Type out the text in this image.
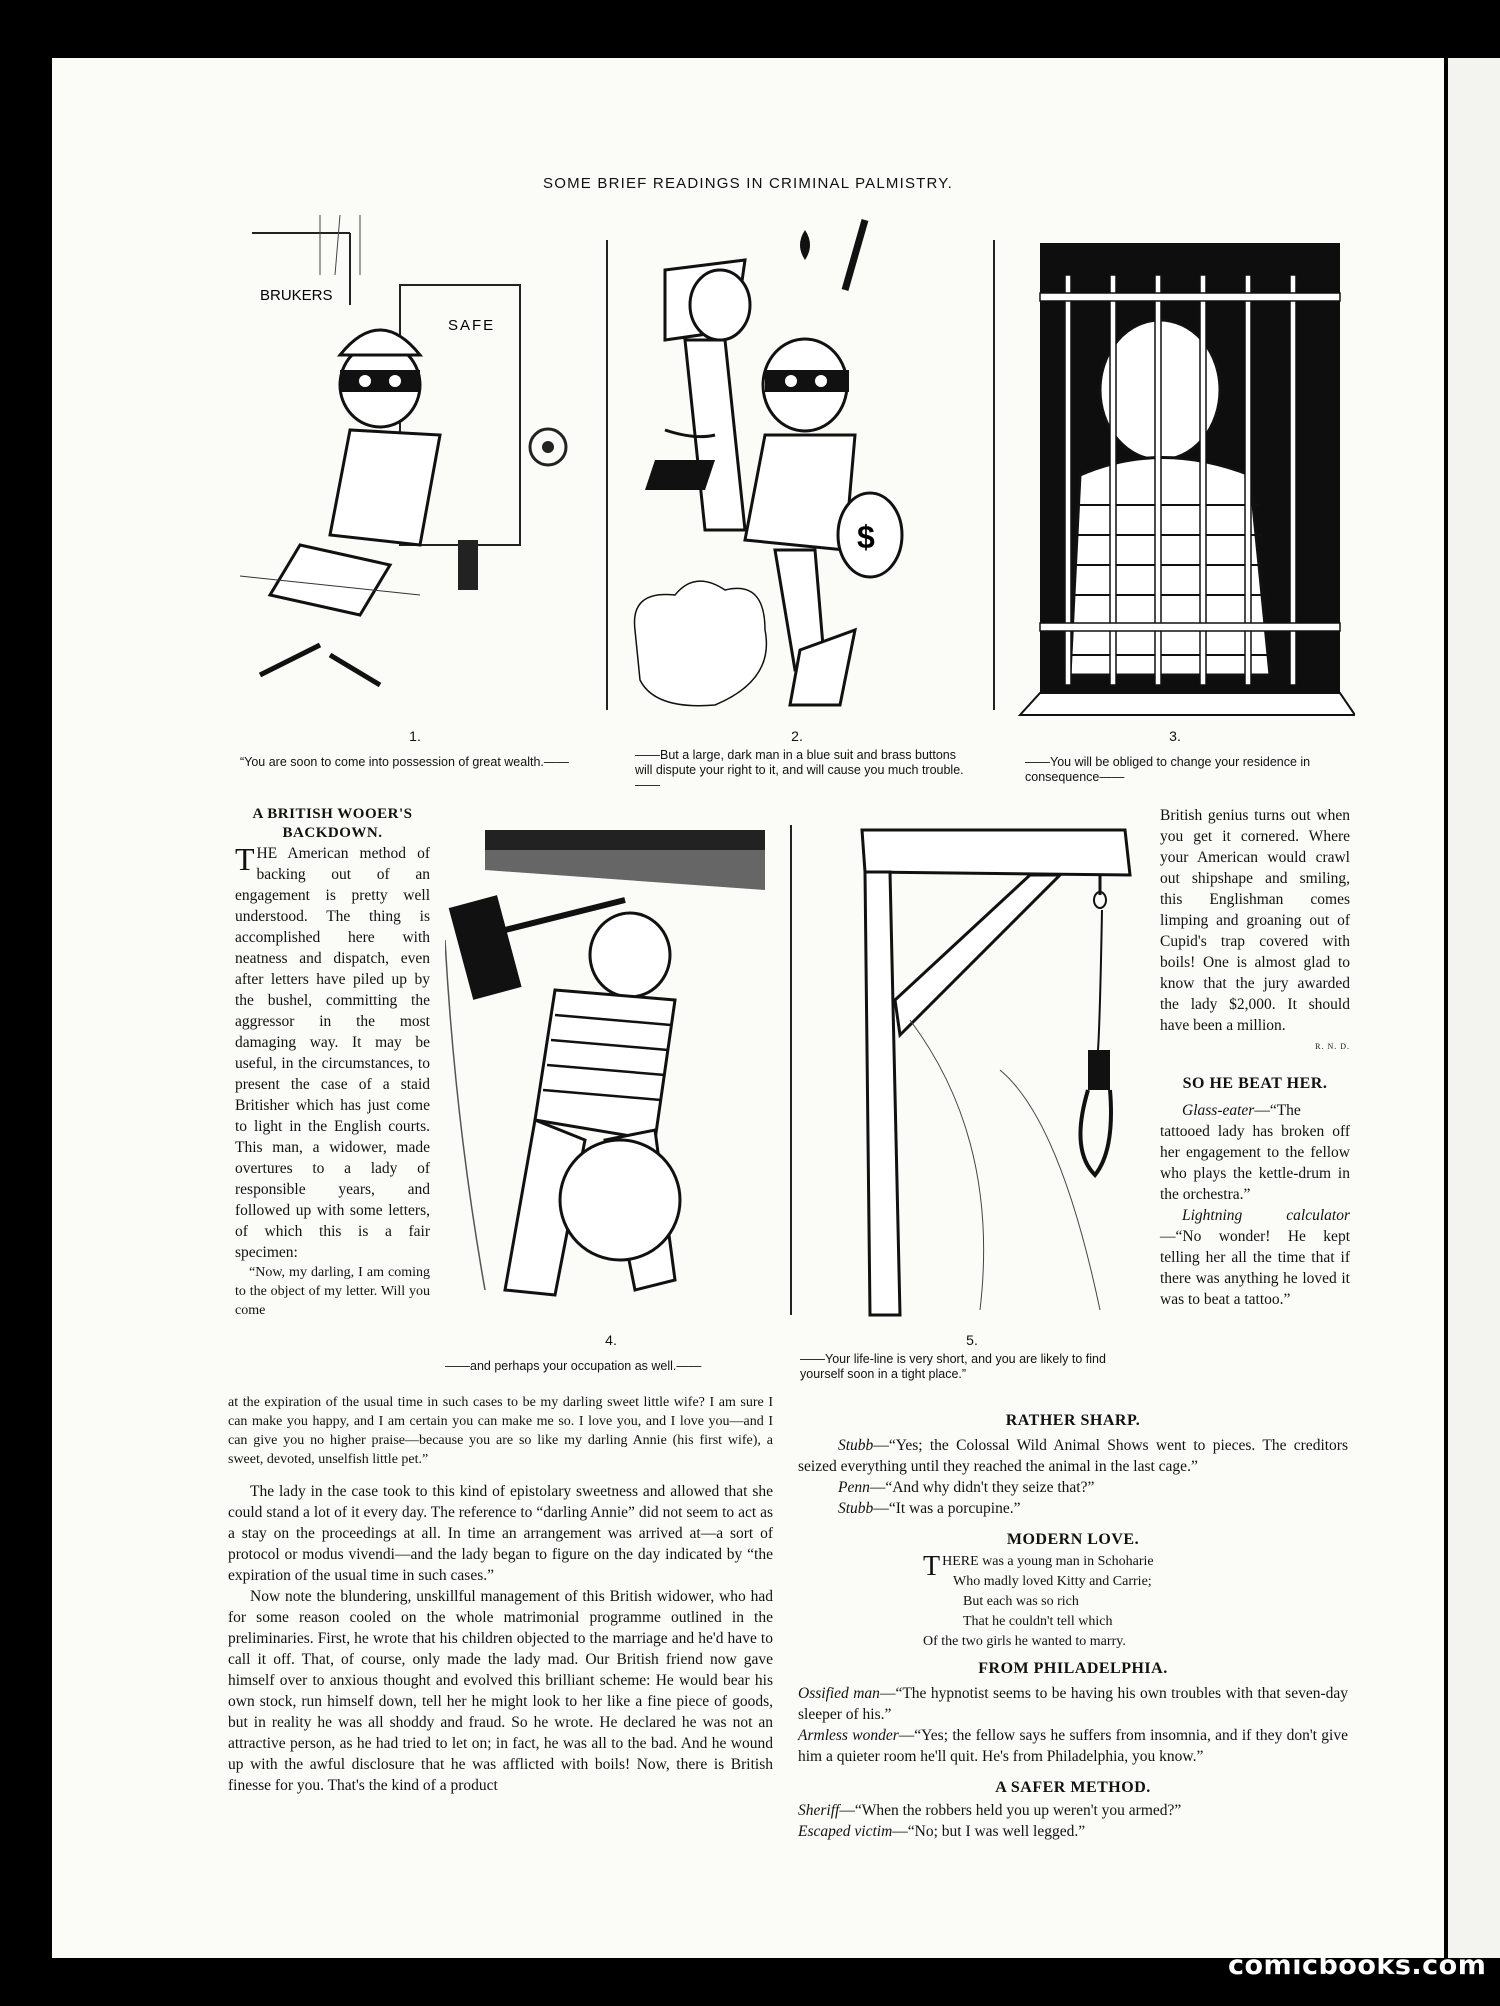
SOME BRIEF READINGS IN CRIMINAL PALMISTRY.
BRUKERS
SAFE
1.
“You are soon to come into possession of great wealth.——
$
2.
——But a large, dark man in a blue suit and brass buttons will dispute your right to it, and will cause you much trouble.——
3.
——You will be obliged to change your residence in consequence——
4.
——and perhaps your occupation as well.——
5.
——Your life-line is very short, and you are likely to find yourself soon in a tight place.”
A BRITISH WOOER'S BACKDOWN.

THE American method of backing out of an engagement is pretty well understood. The thing is accomplished here with neatness and dispatch, even after letters have piled up by the bushel, committing the aggressor in the most damaging way. It may be useful, in the circumstances, to present the case of a staid Britisher which has just come to light in the English courts. This man, a widower, made overtures to a lady of responsible years, and followed up with some letters, of which this is a fair specimen:

“Now, my darling, I am coming to the object of my letter. Will you come

at the expiration of the usual time in such cases to be my darling sweet little wife? I am sure I can make you happy, and I am certain you can make me so. I love you, and I love you—and I can give you no higher praise—because you are so like my darling Annie (his first wife), a sweet, devoted, unselfish little pet.”

The lady in the case took to this kind of epistolary sweetness and allowed that she could stand a lot of it every day. The reference to “darling Annie” did not seem to act as a stay on the proceedings at all. In time an arrangement was arrived at—a sort of protocol or modus vivendi—and the lady began to figure on the day indicated by “the expiration of the usual time in such cases.”

Now note the blundering, unskillful management of this British widower, who had for some reason cooled on the whole matrimonial programme outlined in the preliminaries. First, he wrote that his children objected to the marriage and he'd have to call it off. That, of course, only made the lady mad. Our British friend now gave himself over to anxious thought and evolved this brilliant scheme: He would bear his own stock, run himself down, tell her he might look to her like a fine piece of goods, but in reality he was all shoddy and fraud. So he wrote. He declared he was not an attractive person, as he had tried to let on; in fact, he was all to the bad. And he wound up with the awful disclosure that he was afflicted with boils! Now, there is British finesse for you. That's the kind of a product

British genius turns out when you get it cornered. Where your American would crawl out shipshape and smiling, this Englishman comes limping and groaning out of Cupid's trap covered with boils! One is almost glad to know that the jury awarded the lady $2,000. It should have been a million.

R. N. D.
SO HE BEAT HER.

Glass-eater—“The tattooed lady has broken off her engagement to the fellow who plays the kettle-drum in the orchestra.”

Lightning calculator—“No wonder! He kept telling her all the time that if there was anything he loved it was to beat a tattoo.”

RATHER SHARP.

Stubb—“Yes; the Colossal Wild Animal Shows went to pieces. The creditors seized everything until they reached the animal in the last cage.”

Penn—“And why didn't they seize that?”

Stubb—“It was a porcupine.”

MODERN LOVE.
THERE was a young man in Schoharie
Who madly loved Kitty and Carrie;
But each was so rich
That he couldn't tell which
Of the two girls he wanted to marry.
FROM PHILADELPHIA.

Ossified man—“The hypnotist seems to be having his own troubles with that seven-day sleeper of his.”

Armless wonder—“Yes; the fellow says he suffers from insomnia, and if they don't give him a quieter room he'll quit. He's from Philadelphia, you know.”

A SAFER METHOD.

Sheriff—“When the robbers held you up weren't you armed?”

Escaped victim—“No; but I was well legged.”

comicbooks.com
